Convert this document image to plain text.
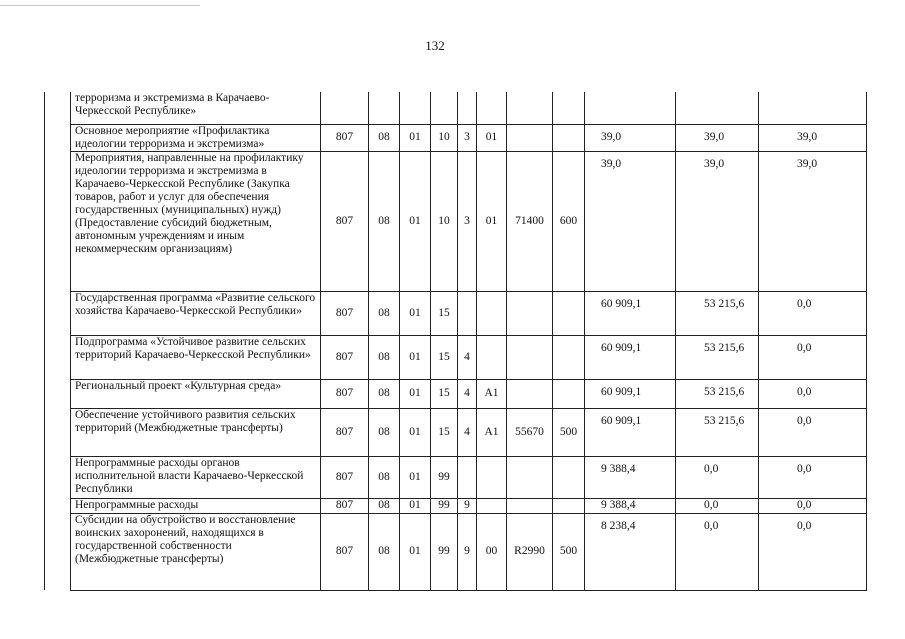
132
	терроризма и экстремизма в Карачаево-Черкесской Республике»											
	Основное мероприятие «Профилактика идеологии терроризма и экстремизма»	807	08	01	10	3	01			39,0	39,0	39,0
	Мероприятия, направленные на профилактику идеологии терроризма и экстремизма в Карачаево-Черкесской Республике (Закупка товаров, работ и услуг для обеспечения государственных (муниципальных) нужд) (Предоставление субсидий бюджетным, автономным учреждениям и иным некоммерческим организациям)	807	08	01	10	3	01	71400	600	39,0	39,0	39,0
	Государственная программа «Развитие сельского хозяйства Карачаево-Черкесской Республики»	807	08	01	15					60 909,1	53 215,6	0,0
	Подпрограмма «Устойчивое развитие сельских территорий Карачаево-Черкесской Республики»	807	08	01	15	4				60 909,1	53 215,6	0,0
	Региональный проект «Культурная среда»	807	08	01	15	4	А1			60 909,1	53 215,6	0,0
	Обеспечение устойчивого развития сельских территорий (Межбюджетные трансферты)	807	08	01	15	4	А1	55670	500	60 909,1	53 215,6	0,0
	Непрограммные расходы органов исполнительной власти Карачаево-Черкесской Республики	807	08	01	99					9 388,4	0,0	0,0
	Непрограммные расходы	807	08	01	99	9				9 388,4	0,0	0,0
	Субсидии на обустройство и восстановление воинских захоронений, находящихся в государственной собственности (Межбюджетные трансферты)	807	08	01	99	9	00	R2990	500	8 238,4	0,0	0,0
